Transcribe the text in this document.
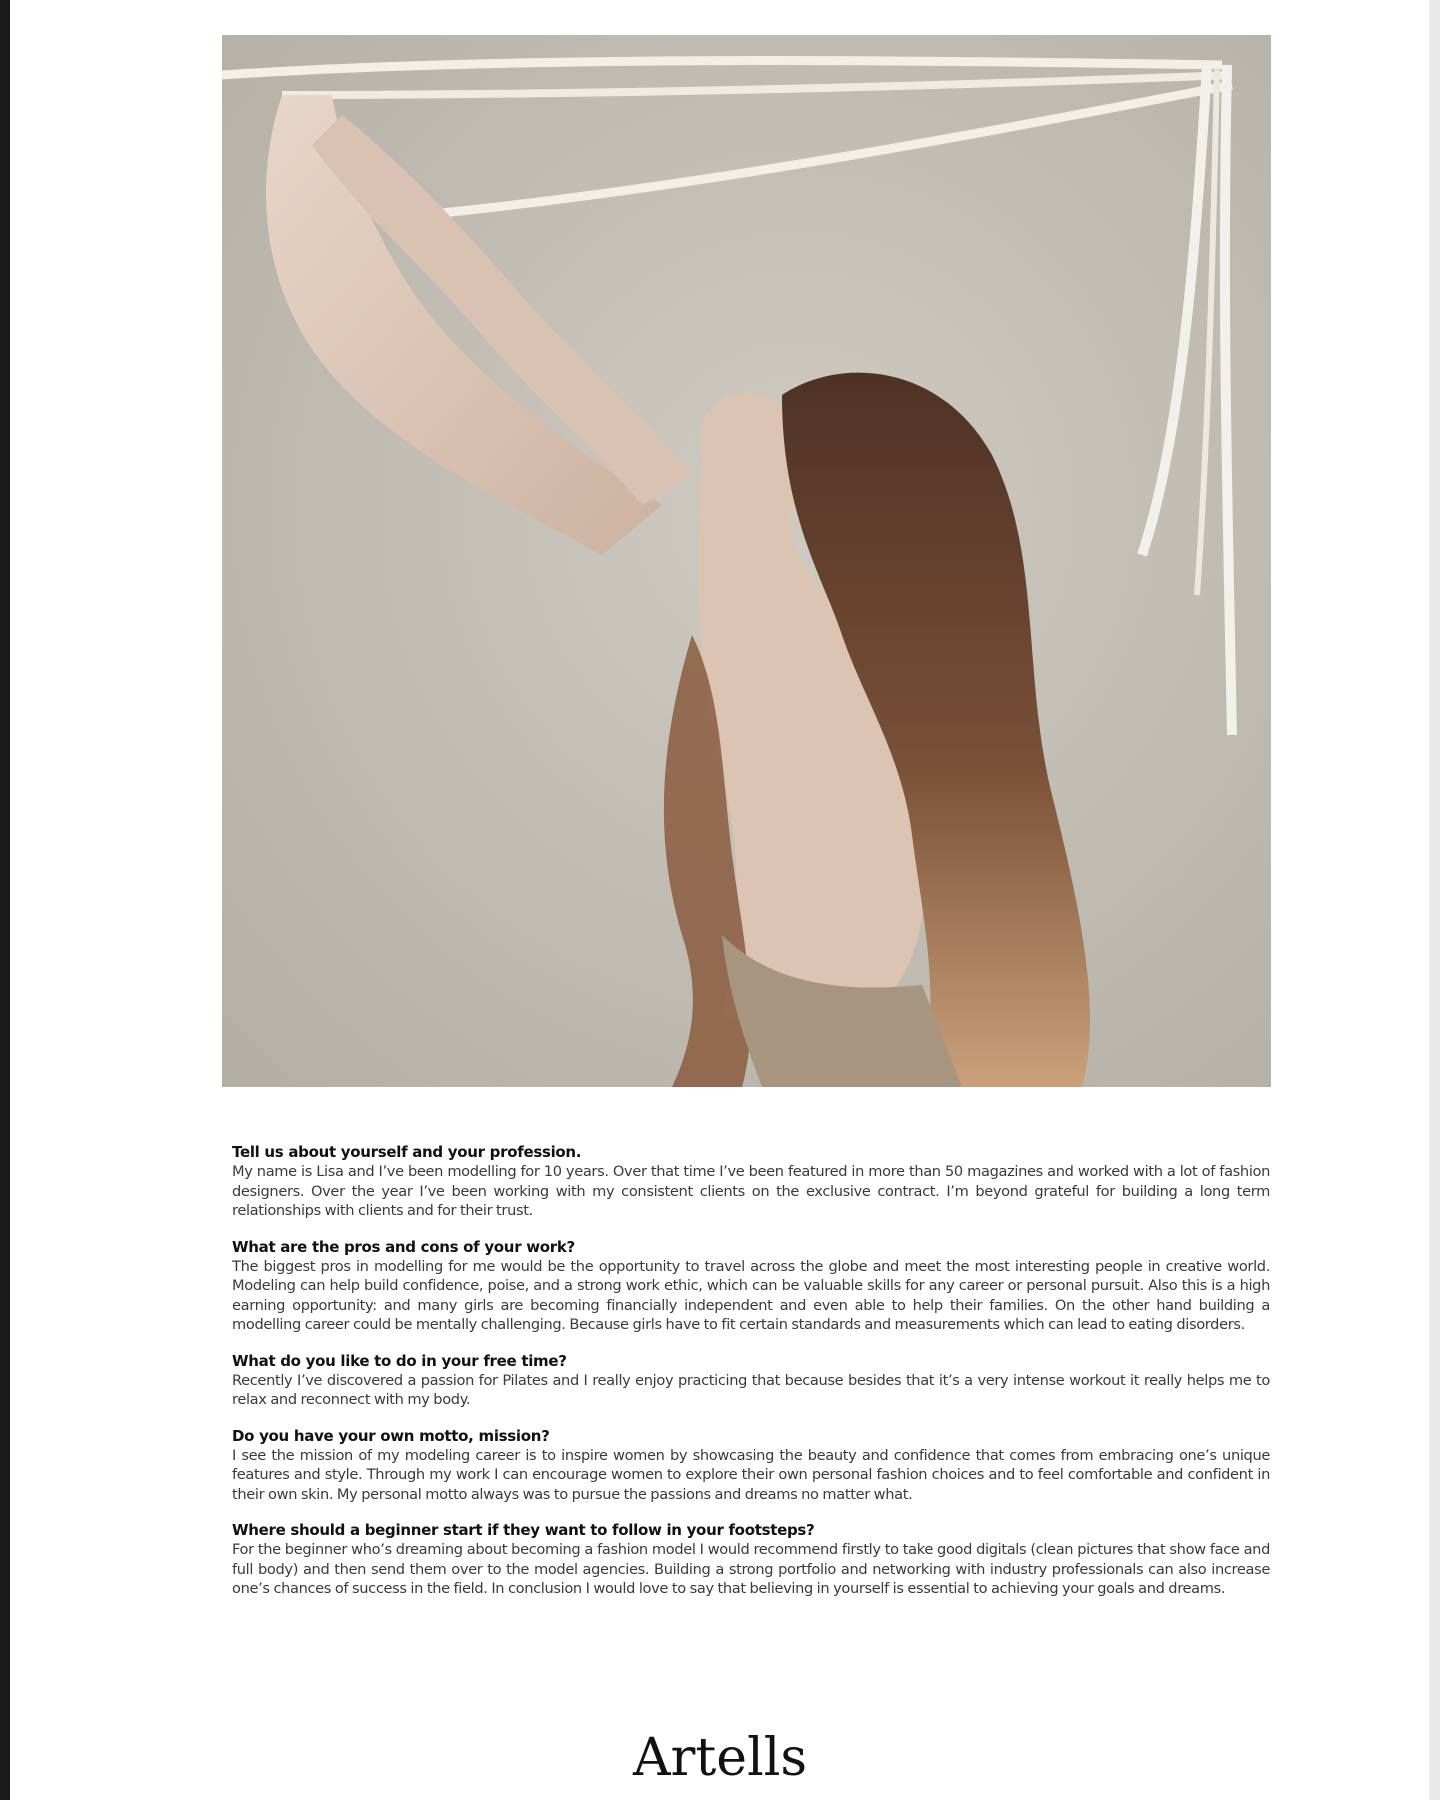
Tell us about yourself and your profession.

My name is Lisa and I’ve been modelling for 10 years. Over that time I’ve been featured in more than 50 magazines and worked with a lot of fashion designers. Over the year I’ve been working with my consistent clients on the exclusive contract. I’m beyond grateful for building a long term relationships with clients and for their trust.

What are the pros and cons of your work?

The biggest pros in modelling for me would be the opportunity to travel across the globe and meet the most interesting people in creative world. Modeling can help build confidence, poise, and a strong work ethic, which can be valuable skills for any career or personal pursuit. Also this is a high earning opportunity: and many girls are becoming financially independent and even able to help their families. On the other hand building a modelling career could be mentally challenging. Because girls have to fit certain standards and measurements which can lead to eating disorders.

What do you like to do in your free time?

Recently I’ve discovered a passion for Pilates and I really enjoy practicing that because besides that it’s a very intense workout it really helps me to relax and reconnect with my body.

Do you have your own motto, mission?

I see the mission of my modeling career is to inspire women by showcasing the beauty and confidence that comes from embracing one’s unique features and style. Through my work I can encourage women to explore their own personal fashion choices and to feel comfortable and confident in their own skin. My personal motto always was to pursue the passions and dreams no matter what.

Where should a beginner start if they want to follow in your footsteps?

For the beginner who’s dreaming about becoming a fashion model I would recommend firstly to take good digitals (clean pictures that show face and full body) and then send them over to the model agencies. Building a strong portfolio and networking with industry professionals can also increase one’s chances of success in the field. In conclusion I would love to say that believing in yourself is essential to achieving your goals and dreams.

Artells
